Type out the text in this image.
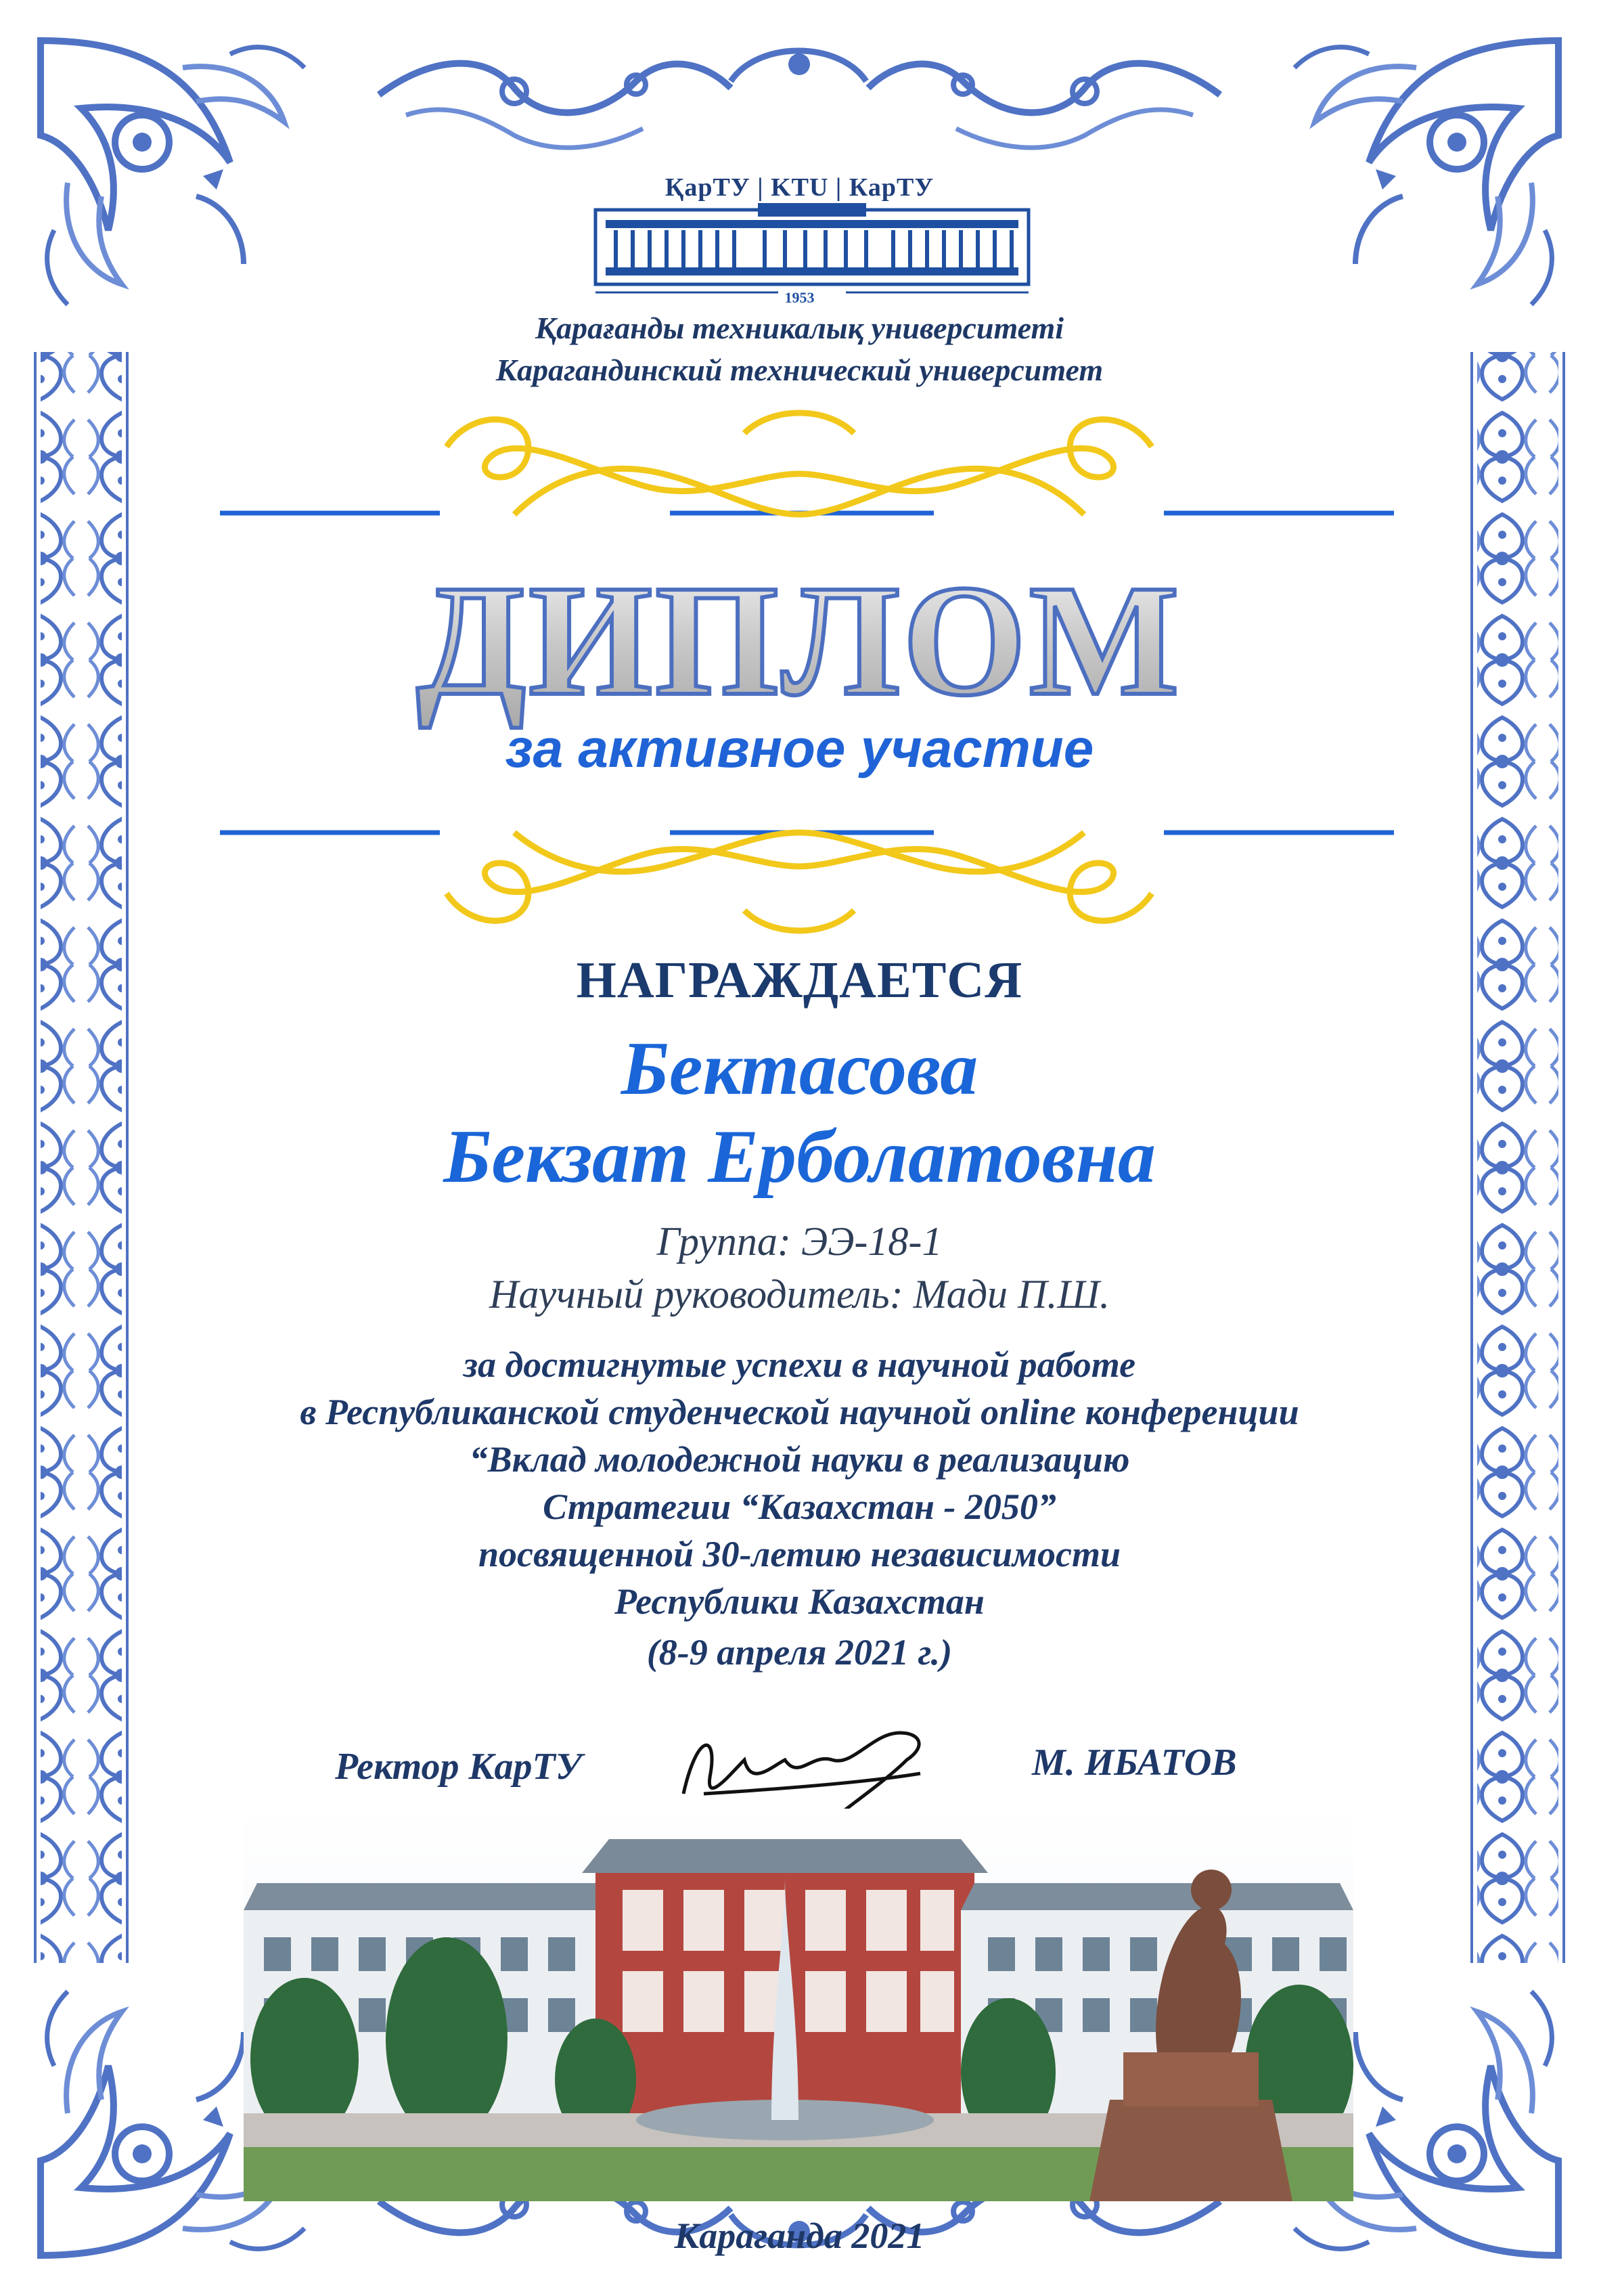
ҚарТУ | KTU | КарТУ
1953
Қарағанды техникалық университеті
Карагандинский технический университет
ДИПЛОМ
за активное участие
НАГРАЖДАЕТСЯ
Бектасова
Бекзат Ерболатовна
Группа: ЭЭ-18-1
Научный руководитель: Мади П.Ш.
за достигнутые успехи в научной работе
в Республиканской студенческой научной online конференции
“Вклад молодежной науки в реализацию
Стратегии “Казахстан - 2050”
посвященной 30-летию независимости
Республики Казахстан
(8-9 апреля 2021 г.)
Ректор КарТУ	М. ИБАТОВ
Караганда 2021
